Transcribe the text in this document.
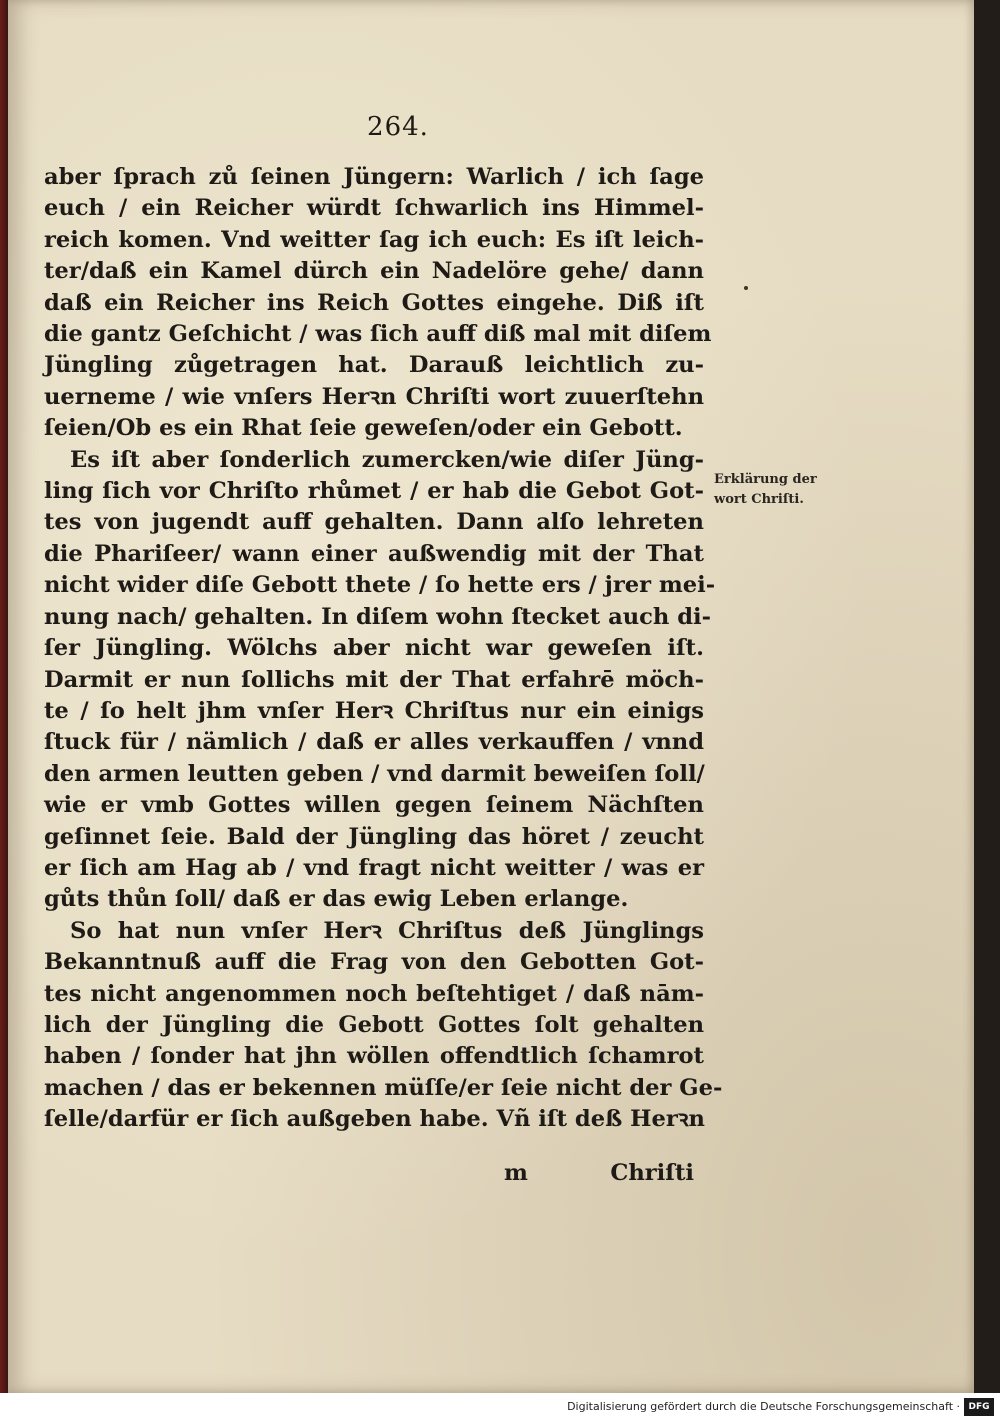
264.
aber ſprach zů ſeinen Jüngern: Warlich / ich ſage
euch / ein Reicher würdt ſchwarlich ins Himmel-
reich komen. Vnd weitter ſag ich euch: Es iſt leich-
ter/daß ein Kamel dürch ein Nadelöre gehe/ dann
daß ein Reicher ins Reich Gottes eingehe. Diß iſt
die gantz Geſchicht / was ſich auff diß mal mit diſem
Jüngling zůgetragen hat. Darauß leichtlich zu-
uerneme / wie vnſers Herꝛn Chriſti wort zuuerſtehn
ſeien/Ob es ein Rhat ſeie geweſen/oder ein Gebott.
Es iſt aber ſonderlich zumercken/wie diſer Jüng-
ling ſich vor Chriſto rhůmet / er hab die Gebot Got-
tes von jugendt auff gehalten. Dann alſo lehreten
die Phariſeer/ wann einer außwendig mit der That
nicht wider diſe Gebott thete / ſo hette ers / jrer mei-
nung nach/ gehalten. In diſem wohn ſtecket auch di-
ſer Jüngling. Wölchs aber nicht war geweſen iſt.
Darmit er nun ſollichs mit der That erfahrē möch-
te / ſo helt jhm vnſer Herꝛ Chriſtus nur ein einigs
ſtuck für / nämlich / daß er alles verkauffen / vnnd
den armen leutten geben / vnd darmit beweiſen ſoll/
wie er vmb Gottes willen gegen ſeinem Nächſten
geſinnet ſeie. Bald der Jüngling das höret / zeucht
er ſich am Hag ab / vnd fragt nicht weitter / was er
gůts thůn ſoll/ daß er das ewig Leben erlange.
So hat nun vnſer Herꝛ Chriſtus deß Jünglings
Bekanntnuß auff die Frag von den Gebotten Got-
tes nicht angenommen noch beſtehtiget / daß nām-
lich der Jüngling die Gebott Gottes ſolt gehalten
haben / ſonder hat jhn wöllen offendtlich ſchamrot
machen / das er bekennen müſſe/er ſeie nicht der Ge-
ſelle/darfür er ſich außgeben habe. Vñ iſt deß Herꝛn
Erklärung der
wort Chriſti.
m	Chriſti
Digitalisierung gefördert durch die Deutsche Forschungsgemeinschaft · DFG
